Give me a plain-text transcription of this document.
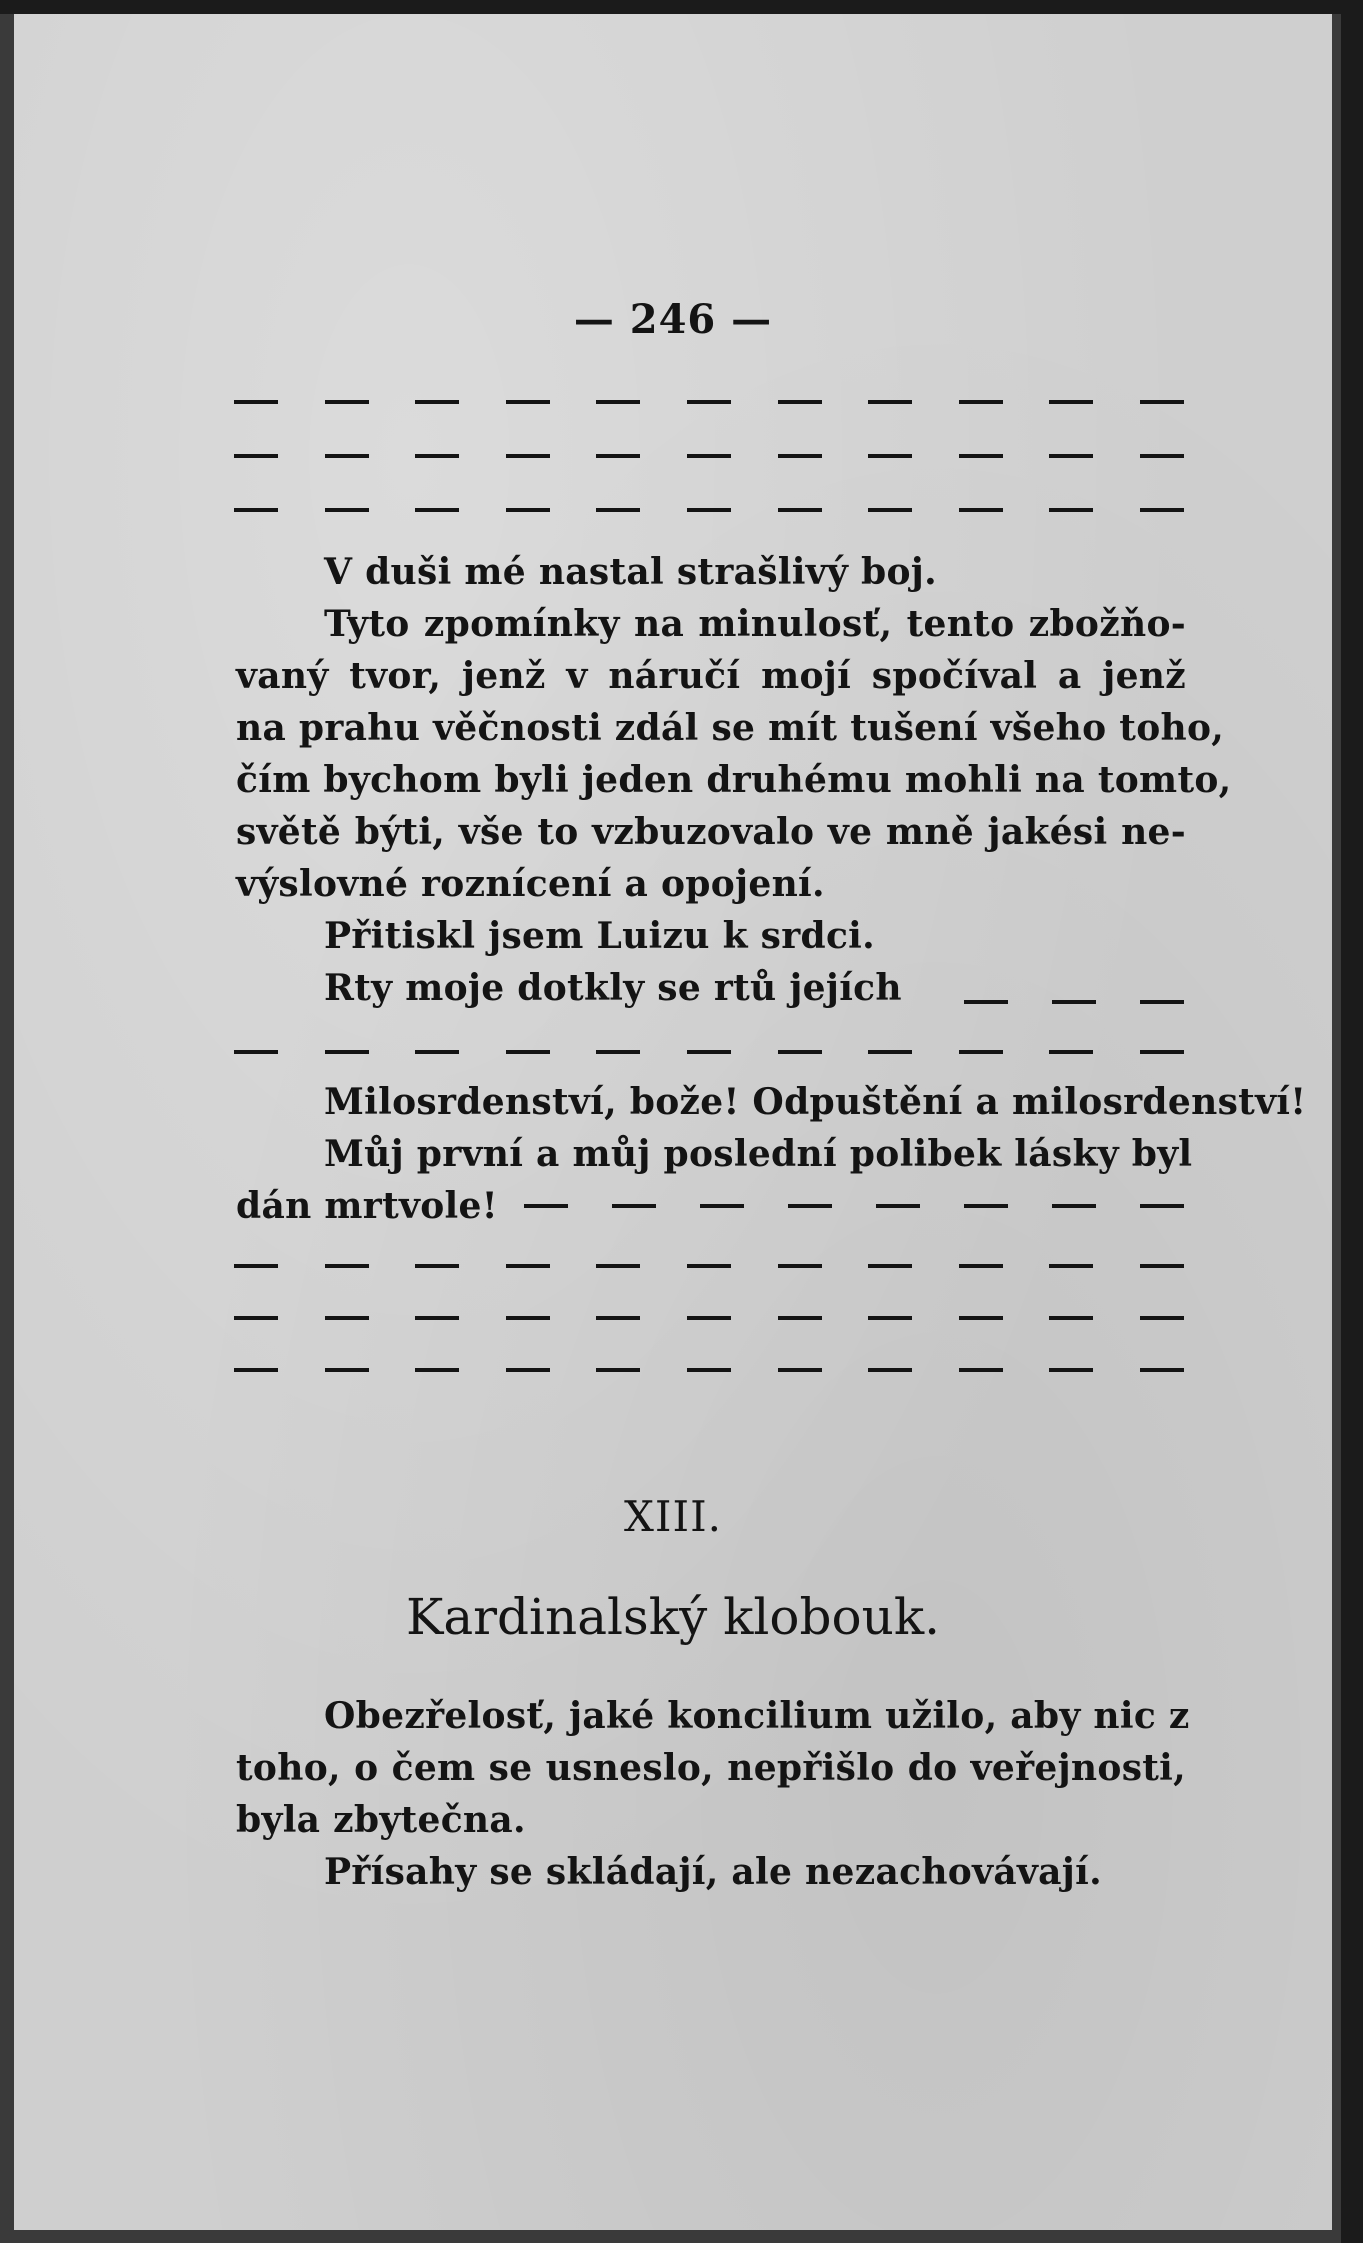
— 246 —
V duši mé nastal strašlivý boj.
Tyto zpomínky na minulosť, tento zbožňo-
vaný tvor, jenž v náručí mojí spočíval a jenž
na prahu věčnosti zdál se mít tušení všeho toho,
čím bychom byli jeden druhému mohli na tomto,
světě býti, vše to vzbuzovalo ve mně jakési ne-
výslovné roznícení a opojení.
Přitiskl jsem Luizu k srdci.
Rty moje dotkly se rtů jejích
Milosrdenství, bože! Odpuštění a milosrdenství!
Můj první a můj poslední polibek lásky byl
dán mrtvole!
XIII.
Kardinalský klobouk.
Obezřelosť, jaké koncilium užilo, aby nic z
toho, o čem se usneslo, nepřišlo do veřejnosti,
byla zbytečna.
Přísahy se skládají, ale nezachovávají.
